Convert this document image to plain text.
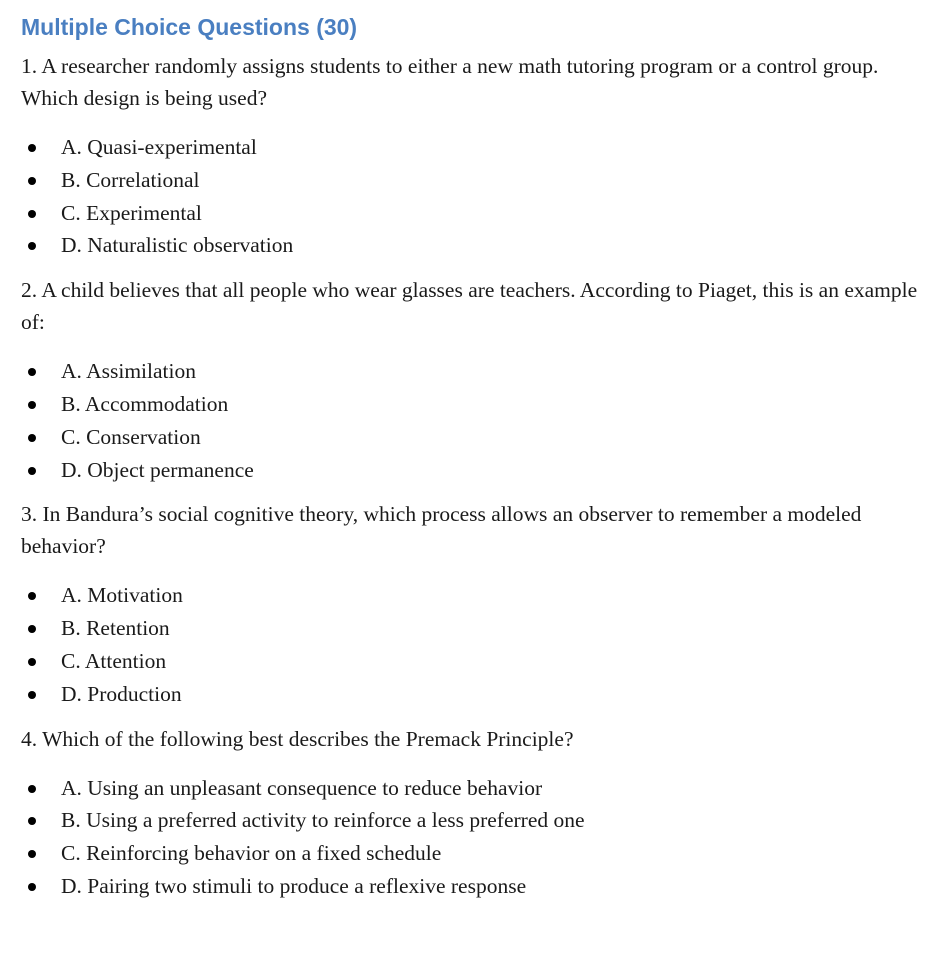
Multiple Choice Questions (30)

1. A researcher randomly assigns students to either a new math tutoring program or a control group. Which design is being used?

A. Quasi-experimental
B. Correlational
C. Experimental
D. Naturalistic observation

2. A child believes that all people who wear glasses are teachers. According to Piaget, this is an example of:

A. Assimilation
B. Accommodation
C. Conservation
D. Object permanence

3. In Bandura’s social cognitive theory, which process allows an observer to remember a modeled behavior?

A. Motivation
B. Retention
C. Attention
D. Production

4. Which of the following best describes the Premack Principle?

A. Using an unpleasant consequence to reduce behavior
B. Using a preferred activity to reinforce a less preferred one
C. Reinforcing behavior on a fixed schedule
D. Pairing two stimuli to produce a reflexive response
